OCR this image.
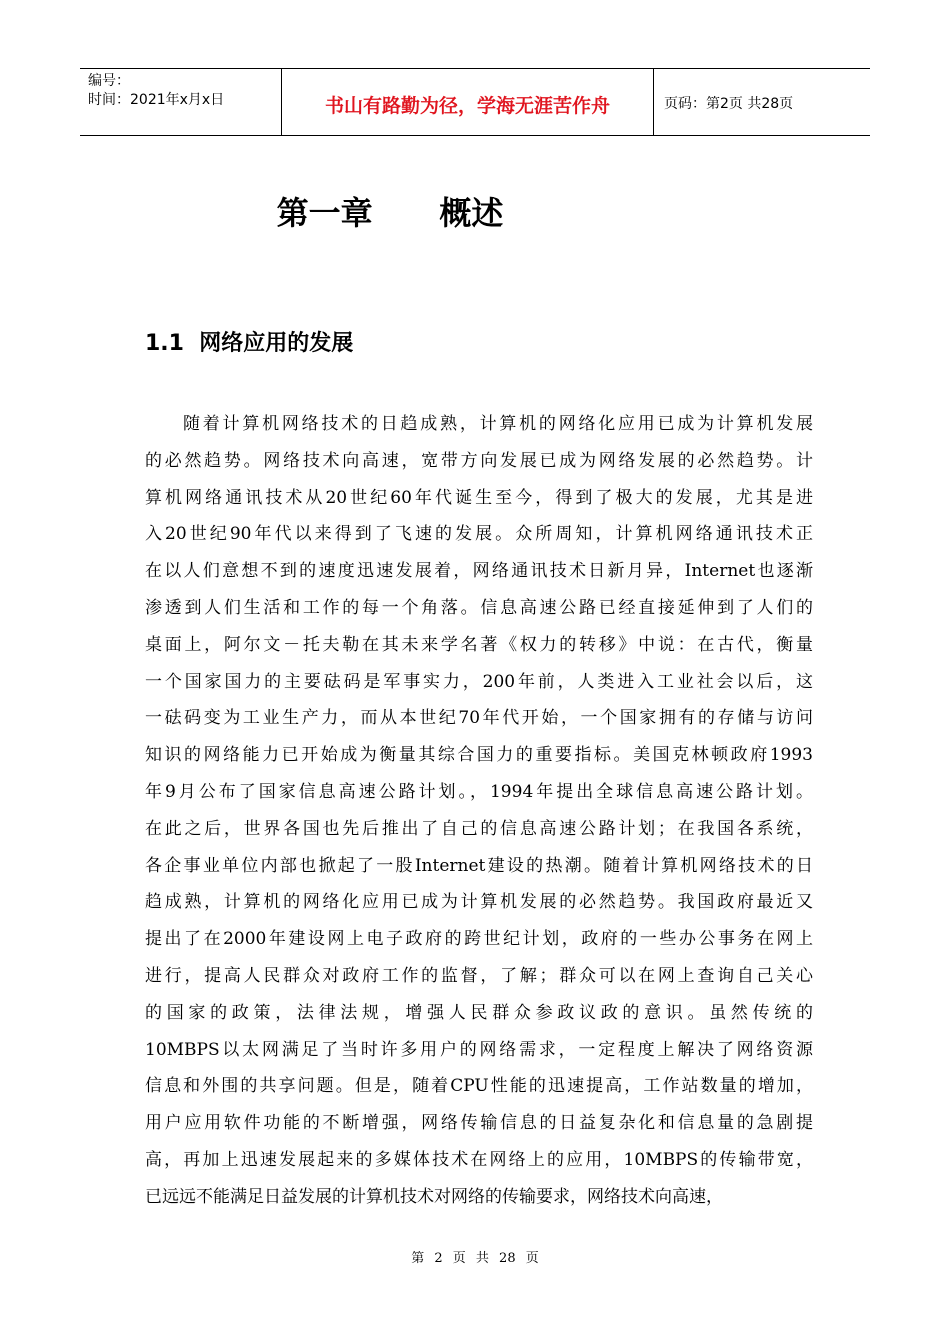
编号：
时间：2021年x月x日	书山有路勤为径，学海无涯苦作舟	页码：第2页 共28页
第一章      概述
1.1  网络应用的发展
随着计算机网络技术的日趋成熟，计算机的网络化应用已成为计算机发展
的必然趋势。网络技术向高速，宽带方向发展已成为网络发展的必然趋势。计
算机网络通讯技术从20世纪60年代诞生至今，得到了极大的发展，尤其是进
入20世纪90年代以来得到了飞速的发展。众所周知，计算机网络通讯技术正
在以人们意想不到的速度迅速发展着，网络通讯技术日新月异，Internet也逐渐
渗透到人们生活和工作的每一个角落。信息高速公路已经直接延伸到了人们的
桌面上，阿尔文－托夫勒在其未来学名著《权力的转移》中说：在古代，衡量
一个国家国力的主要砝码是军事实力，200年前，人类进入工业社会以后，这
一砝码变为工业生产力，而从本世纪70年代开始，一个国家拥有的存储与访问
知识的网络能力已开始成为衡量其综合国力的重要指标。美国克林顿政府1993
年9月公布了国家信息高速公路计划。，1994年提出全球信息高速公路计划。
在此之后，世界各国也先后推出了自己的信息高速公路计划；在我国各系统，
各企事业单位内部也掀起了一股Internet建设的热潮。随着计算机网络技术的日
趋成熟，计算机的网络化应用已成为计算机发展的必然趋势。我国政府最近又
提出了在2000年建设网上电子政府的跨世纪计划，政府的一些办公事务在网上
进行，提高人民群众对政府工作的监督，了解；群众可以在网上查询自己关心
的国家的政策，法律法规，增强人民群众参政议政的意识。虽然传统的
10MBPS以太网满足了当时许多用户的网络需求，一定程度上解决了网络资源
信息和外围的共享问题。但是，随着CPU性能的迅速提高，工作站数量的增加，
用户应用软件功能的不断增强，网络传输信息的日益复杂化和信息量的急剧提
高，再加上迅速发展起来的多媒体技术在网络上的应用，10MBPS的传输带宽，
已远远不能满足日益发展的计算机技术对网络的传输要求，网络技术向高速，
第 2 页 共 28 页
